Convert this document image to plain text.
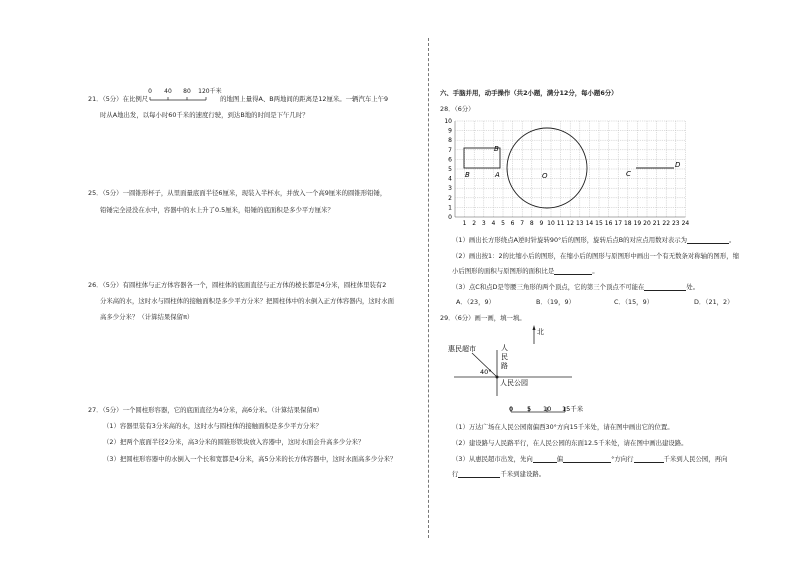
21．（5分）在比例尺
0 40 80 120千米
的地图上量得A、B两地间的距离是12厘米。一辆汽车上午9
时从A地出发，以每小时60千米的速度行驶，到达B地的时间是下午几时？
25．（5分）一圆锥形杯子，从里面量底面半径6厘米，现装入半杯水，并放入一个高9厘米的圆锥形铅锤，
铅锤完全浸没在水中，容器中的水上升了0.5厘米，铅锤的底面积是多少平方厘米？
26．（5分）有圆柱体与正方体容器各一个，圆柱体的底面直径与正方体的棱长都是4分米，圆柱体里装有2
分米高的水，这时水与圆柱体的接触面积是多少平方分米？把圆柱体中的水倒入正方体容器内，这时水面
高多少分米？（计算结果保留π）
27．（5分）一个圆柱形容器，它的底面直径为4分米，高6分米。（计算结果保留π）
（1）容器里装有3分米高的水，这时水与圆柱体的接触面积是多少平方分米？
（2）把两个底面半径2分米，高3分米的圆锥形铁块放入容器中，这时水面会升高多少分米？
（3）把圆柱形容器中的水倒入一个长和宽都是4分米，高5分米的长方体容器中，这时水面高多少分米？
六、手脑并用，动手操作（共2小题，满分12分，每小题6分）
28．（6分）
1 2 3 4 5 6 7 8 9 10 11 12 13 14 15 16 17 18 19 20 21 22 23 24
10
9
8
7
6
5
4
3
2
1
0
B
B	A	O	C
D
（1）画出长方形绕点A逆时针旋转90°后的图形，旋转后点B的对应点用数对表示为	。
（2）画出按1：2的比缩小后的图形，在缩小后的图形与原图形中画出一个有无数条对称轴的图形，缩
小后图形的面积与原图形的面积比是	。
（3）点C和点D是等腰三角形的两个顶点，它的第三个顶点不可能在	处。
A．（23，9）	B．（19，9）	C．（15，9）	D．（21，2）
29．（6分）画一画，填一填。
北
惠民超市	人
民
路
40°
人民公园
0 5 10 15千米
（1）万达广场在人民公园南偏西30°方向15千米处，请在图中画出它的位置。
（2）建设路与人民路平行，在人民公园的东面12.5千米处，请在图中画出建设路。
（3）从惠民超市出发，先向	偏	°方向行	千米到人民公园，再向
行	千米到建设路。
